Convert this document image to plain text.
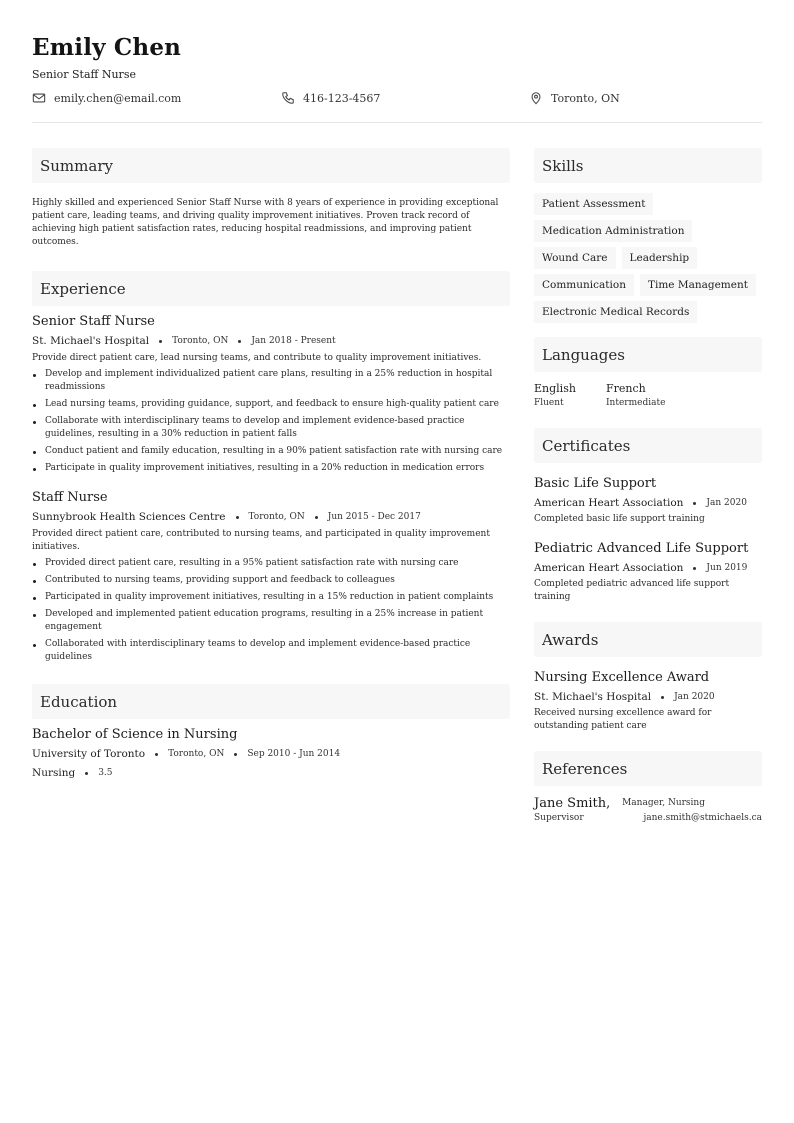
Emily Chen
Senior Staff Nurse
emily.chen@email.com	416-123-4567	Toronto, ON
Summary
Highly skilled and experienced Senior Staff Nurse with 8 years of experience in providing exceptional patient care, leading teams, and driving quality improvement initiatives. Proven track record of achieving high patient satisfaction rates, reducing hospital readmissions, and improving patient outcomes.
Experience
Senior Staff Nurse
St. Michael's Hospital	Toronto, ON	Jan 2018 - Present
Provide direct patient care, lead nursing teams, and contribute to quality improvement initiatives.
Develop and implement individualized patient care plans, resulting in a 25% reduction in hospital readmissions
Lead nursing teams, providing guidance, support, and feedback to ensure high-quality patient care
Collaborate with interdisciplinary teams to develop and implement evidence-based practice guidelines, resulting in a 30% reduction in patient falls
Conduct patient and family education, resulting in a 90% patient satisfaction rate with nursing care
Participate in quality improvement initiatives, resulting in a 20% reduction in medication errors
Staff Nurse
Sunnybrook Health Sciences Centre	Toronto, ON	Jun 2015 - Dec 2017
Provided direct patient care, contributed to nursing teams, and participated in quality improvement initiatives.
Provided direct patient care, resulting in a 95% patient satisfaction rate with nursing care
Contributed to nursing teams, providing support and feedback to colleagues
Participated in quality improvement initiatives, resulting in a 15% reduction in patient complaints
Developed and implemented patient education programs, resulting in a 25% increase in patient engagement
Collaborated with interdisciplinary teams to develop and implement evidence-based practice guidelines
Education
Bachelor of Science in Nursing
University of Toronto	Toronto, ON	Sep 2010 - Jun 2014
Nursing	3.5
Skills
Patient Assessment
Medication Administration
Wound Care	Leadership
Communication	Time Management
Electronic Medical Records
Languages
English
Fluent
French
Intermediate
Certificates
Basic Life Support
American Heart Association	Jan 2020
Completed basic life support training
Pediatric Advanced Life Support
American Heart Association	Jun 2019
Completed pediatric advanced life support training
Awards
Nursing Excellence Award
St. Michael's Hospital	Jan 2020
Received nursing excellence award for outstanding patient care
References
Jane Smith, Manager, Nursing
Supervisor	jane.smith@stmichaels.ca
